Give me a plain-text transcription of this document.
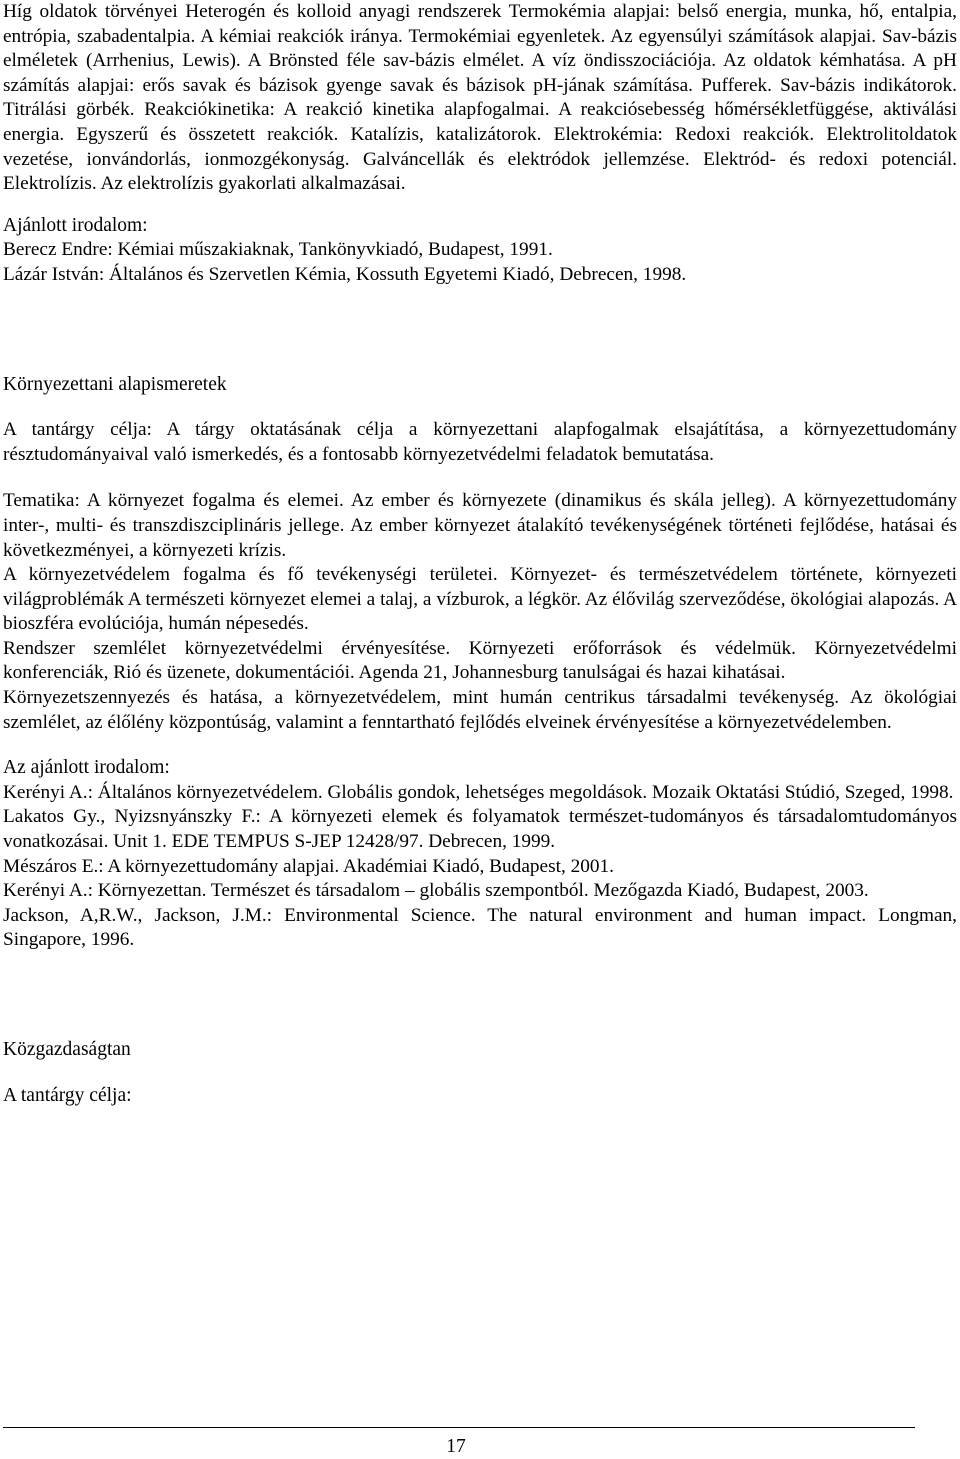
Híg oldatok törvényei Heterogén és kolloid anyagi rendszerek Termokémia alapjai: belső energia, munka, hő, entalpia, entrópia, szabadentalpia. A kémiai reakciók iránya. Termokémiai egyenletek. Az egyensúlyi számítások alapjai. Sav-bázis elméletek (Arrhenius, Lewis). A Brönsted féle sav-bázis elmélet. A víz öndisszociációja. Az oldatok kémhatása. A pH számítás alapjai: erős savak és bázisok gyenge savak és bázisok pH-jának számítása. Pufferek. Sav-bázis indikátorok. Titrálási görbék. Reakciókinetika: A reakció kinetika alapfogalmai. A reakciósebesség hőmérsékletfüggése, aktiválási energia. Egyszerű és összetett reakciók. Katalízis, katalizátorok. Elektrokémia: Redoxi reakciók. Elektrolitoldatok vezetése, ionvándorlás, ionmozgékonyság. Galváncellák és elektródok jellemzése. Elektród- és redoxi potenciál. Elektrolízis. Az elektrolízis gyakorlati alkalmazásai.

Ajánlott irodalom:

Berecz Endre: Kémiai műszakiaknak, Tankönyvkiadó, Budapest, 1991.

Lázár István: Általános és Szervetlen Kémia, Kossuth Egyetemi Kiadó, Debrecen, 1998.

Környezettani alapismeretek

A tantárgy célja: A tárgy oktatásának célja a környezettani alapfogalmak elsajátítása, a környezettudomány résztudományaival való ismerkedés, és a fontosabb környezetvédelmi feladatok bemutatása.

Tematika: A környezet fogalma és elemei. Az ember és környezete (dinamikus és skála jelleg). A környezettudomány inter-, multi- és transzdiszciplináris jellege. Az ember környezet átalakító tevékenységének történeti fejlődése, hatásai és következményei, a környezeti krízis.

A környezetvédelem fogalma és fő tevékenységi területei. Környezet- és természetvédelem története, környezeti világproblémák A természeti környezet elemei a talaj, a vízburok, a légkör. Az élővilág szerveződése, ökológiai alapozás. A bioszféra evolúciója, humán népesedés.

Rendszer szemlélet környezetvédelmi érvényesítése. Környezeti erőforrások és védelmük. Környezetvédelmi konferenciák, Rió és üzenete, dokumentációi. Agenda 21, Johannesburg tanulságai és hazai kihatásai.

Környezetszennyezés és hatása, a környezetvédelem, mint humán centrikus társadalmi tevékenység. Az ökológiai szemlélet, az élőlény központúság, valamint a fenntartható fejlődés elveinek érvényesítése a környezetvédelemben.

Az ajánlott irodalom:

Kerényi A.: Általános környezetvédelem. Globális gondok, lehetséges megoldások. Mozaik Oktatási Stúdió, Szeged, 1998.

Lakatos Gy., Nyizsnyánszky F.: A környezeti elemek és folyamatok természet-tudományos és társadalomtudományos vonatkozásai. Unit 1. EDE TEMPUS S-JEP 12428/97. Debrecen, 1999.

Mészáros E.: A környezettudomány alapjai. Akadémiai Kiadó, Budapest, 2001.

Kerényi A.: Környezettan. Természet és társadalom – globális szempontból. Mezőgazda Kiadó, Budapest, 2003.

Jackson, A,R.W., Jackson, J.M.: Environmental Science. The natural environment and human impact. Longman, Singapore, 1996.

Közgazdaságtan
A tantárgy célja:
17
